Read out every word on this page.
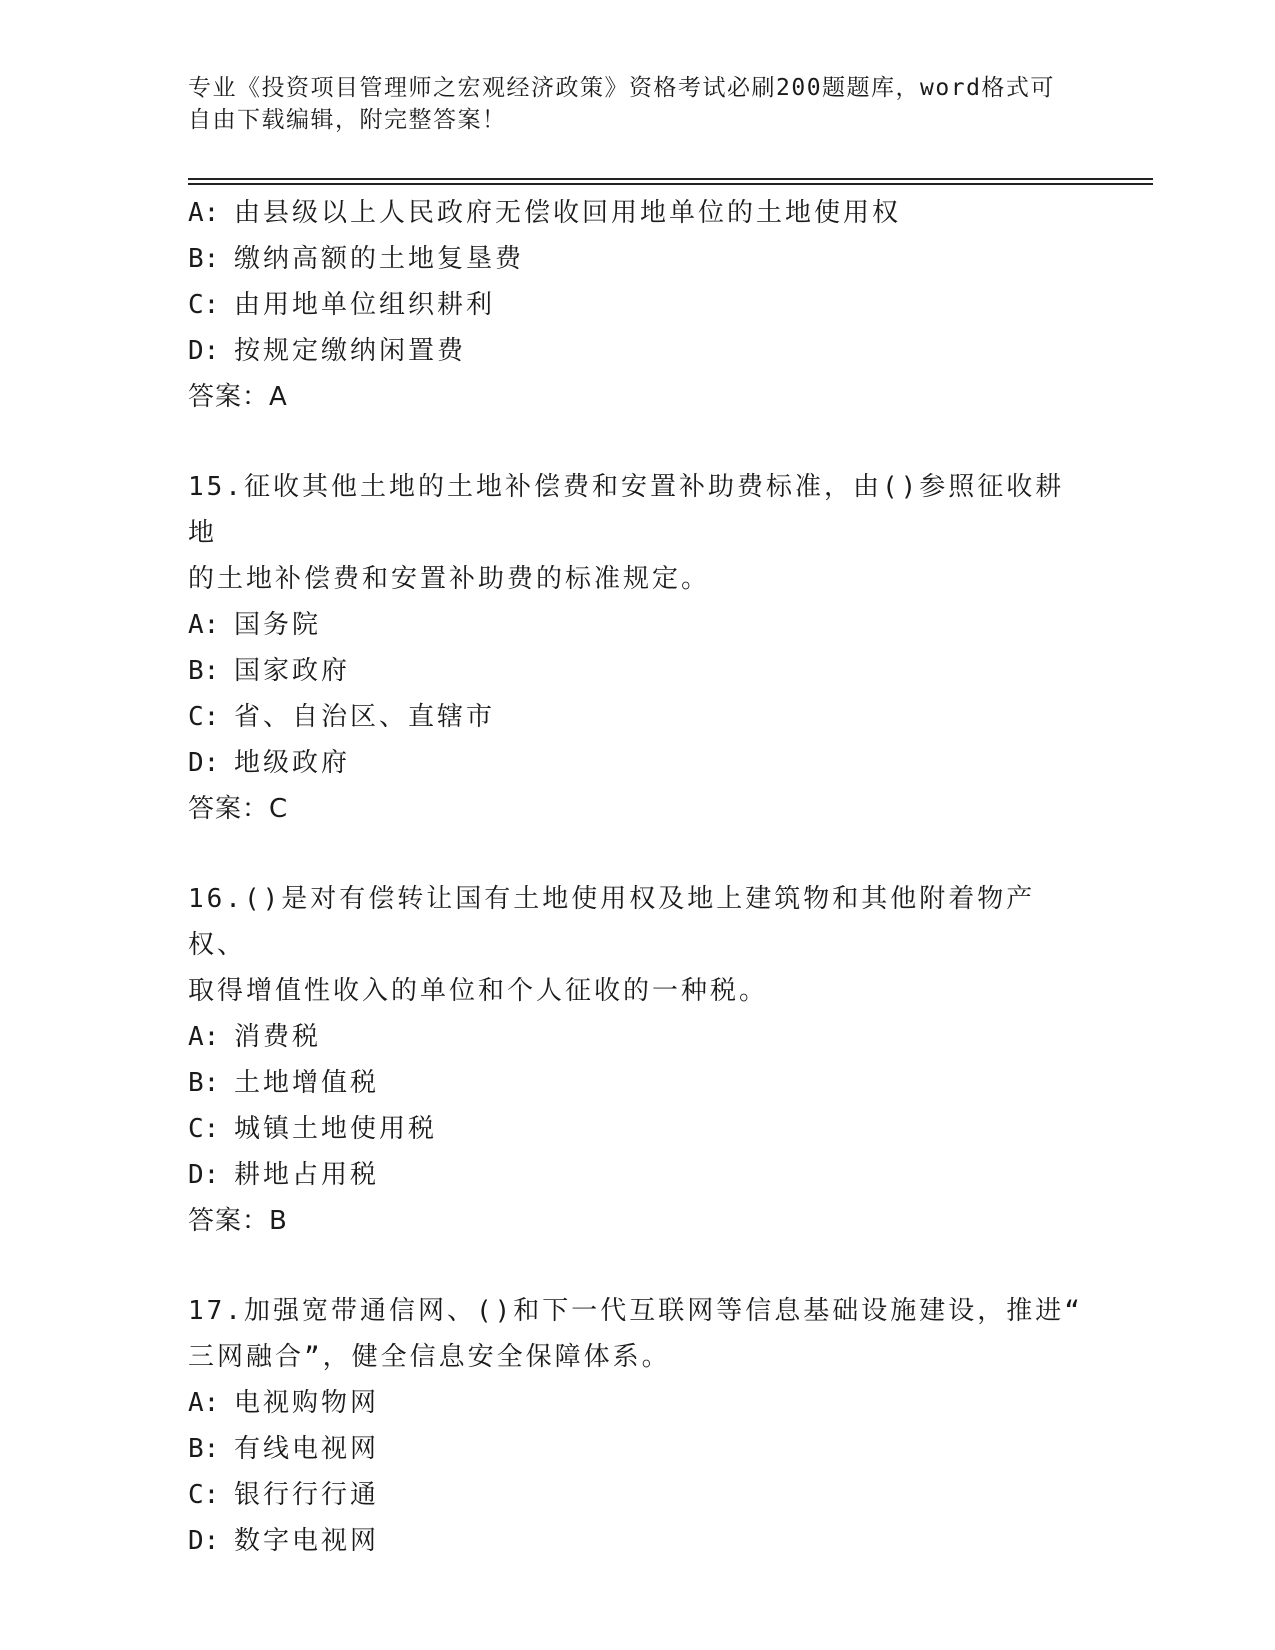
专业《投资项目管理师之宏观经济政策》资格考试必刷200题题库，word格式可
自由下载编辑，附完整答案！
A: 由县级以上人民政府无偿收回用地单位的土地使用权
B: 缴纳高额的土地复垦费
C: 由用地单位组织耕利
D: 按规定缴纳闲置费
答案：A
15.征收其他土地的土地补偿费和安置补助费标准，由()参照征收耕地
的土地补偿费和安置补助费的标准规定。
A: 国务院
B: 国家政府
C: 省、自治区、直辖市
D: 地级政府
答案：C
16.()是对有偿转让国有土地使用权及地上建筑物和其他附着物产权、
取得增值性收入的单位和个人征收的一种税。
A: 消费税
B: 土地增值税
C: 城镇土地使用税
D: 耕地占用税
答案：B
17.加强宽带通信网、()和下一代互联网等信息基础设施建设，推进“
三网融合”，健全信息安全保障体系。
A: 电视购物网
B: 有线电视网
C: 银行行行通
D: 数字电视网
